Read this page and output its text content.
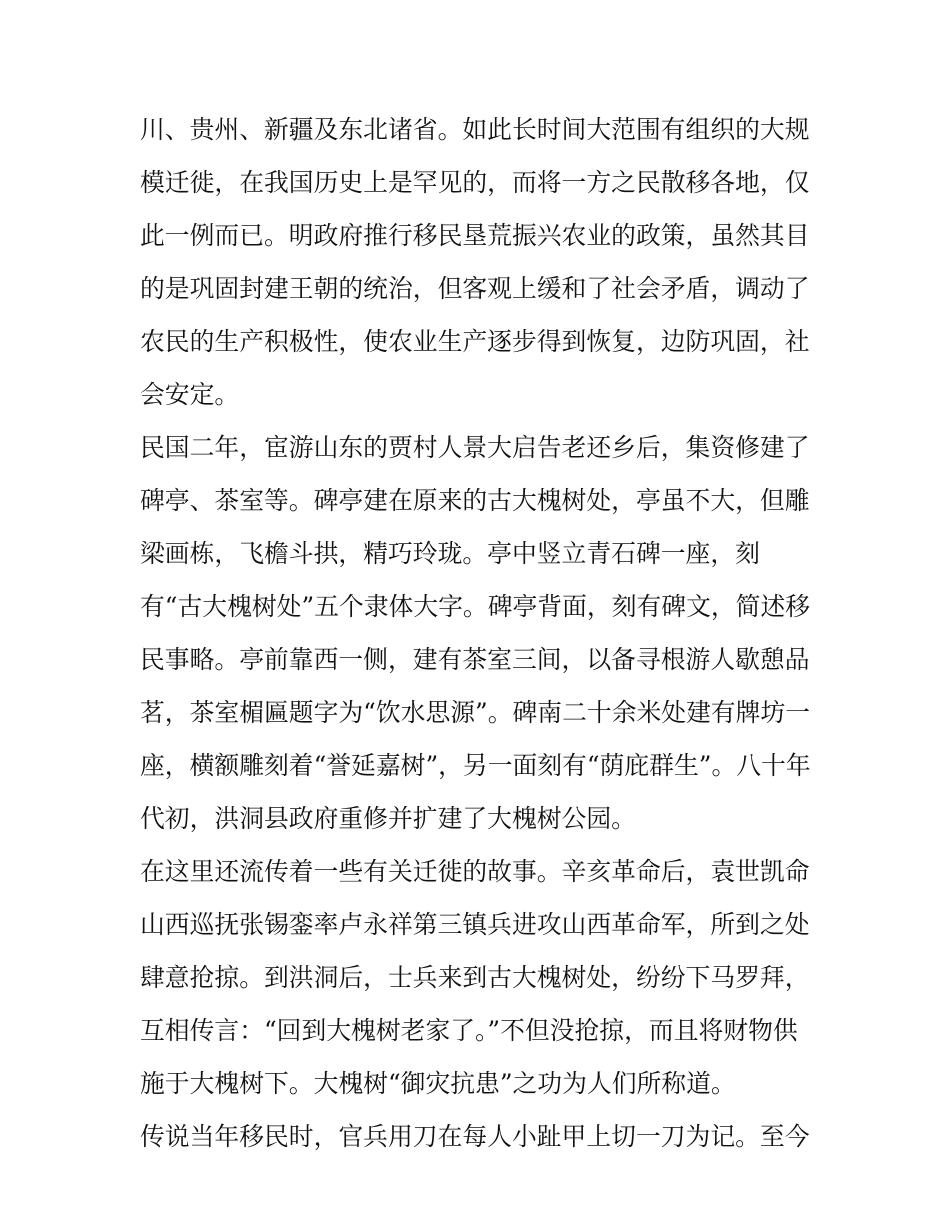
川、贵州、新疆及东北诸省。如此长时间大范围有组织的大规
模迁徙，在我国历史上是罕见的，而将一方之民散移各地，仅
此一例而已。明政府推行移民垦荒振兴农业的政策，虽然其目
的是巩固封建王朝的统治，但客观上缓和了社会矛盾，调动了
农民的生产积极性，使农业生产逐步得到恢复，边防巩固，社
会安定。
民国二年，宦游山东的贾村人景大启告老还乡后，集资修建了
碑亭、茶室等。碑亭建在原来的古大槐树处，亭虽不大，但雕
梁画栋，飞檐斗拱，精巧玲珑。亭中竖立青石碑一座，刻
有“古大槐树处”五个隶体大字。碑亭背面，刻有碑文，简述移
民事略。亭前靠西一侧，建有茶室三间，以备寻根游人歇憩品
茗，茶室楣匾题字为“饮水思源”。碑南二十余米处建有牌坊一
座，横额雕刻着“誉延嘉树”，另一面刻有“荫庇群生”。八十年
代初，洪洞县政府重修并扩建了大槐树公园。
在这里还流传着一些有关迁徙的故事。辛亥革命后，袁世凯命
山西巡抚张锡銮率卢永祥第三镇兵进攻山西革命军，所到之处
肆意抢掠。到洪洞后，士兵来到古大槐树处，纷纷下马罗拜，
互相传言：“回到大槐树老家了。”不但没抢掠，而且将财物供
施于大槐树下。大槐树“御灾抗患”之功为人们所称道。
传说当年移民时，官兵用刀在每人小趾甲上切一刀为记。至今
